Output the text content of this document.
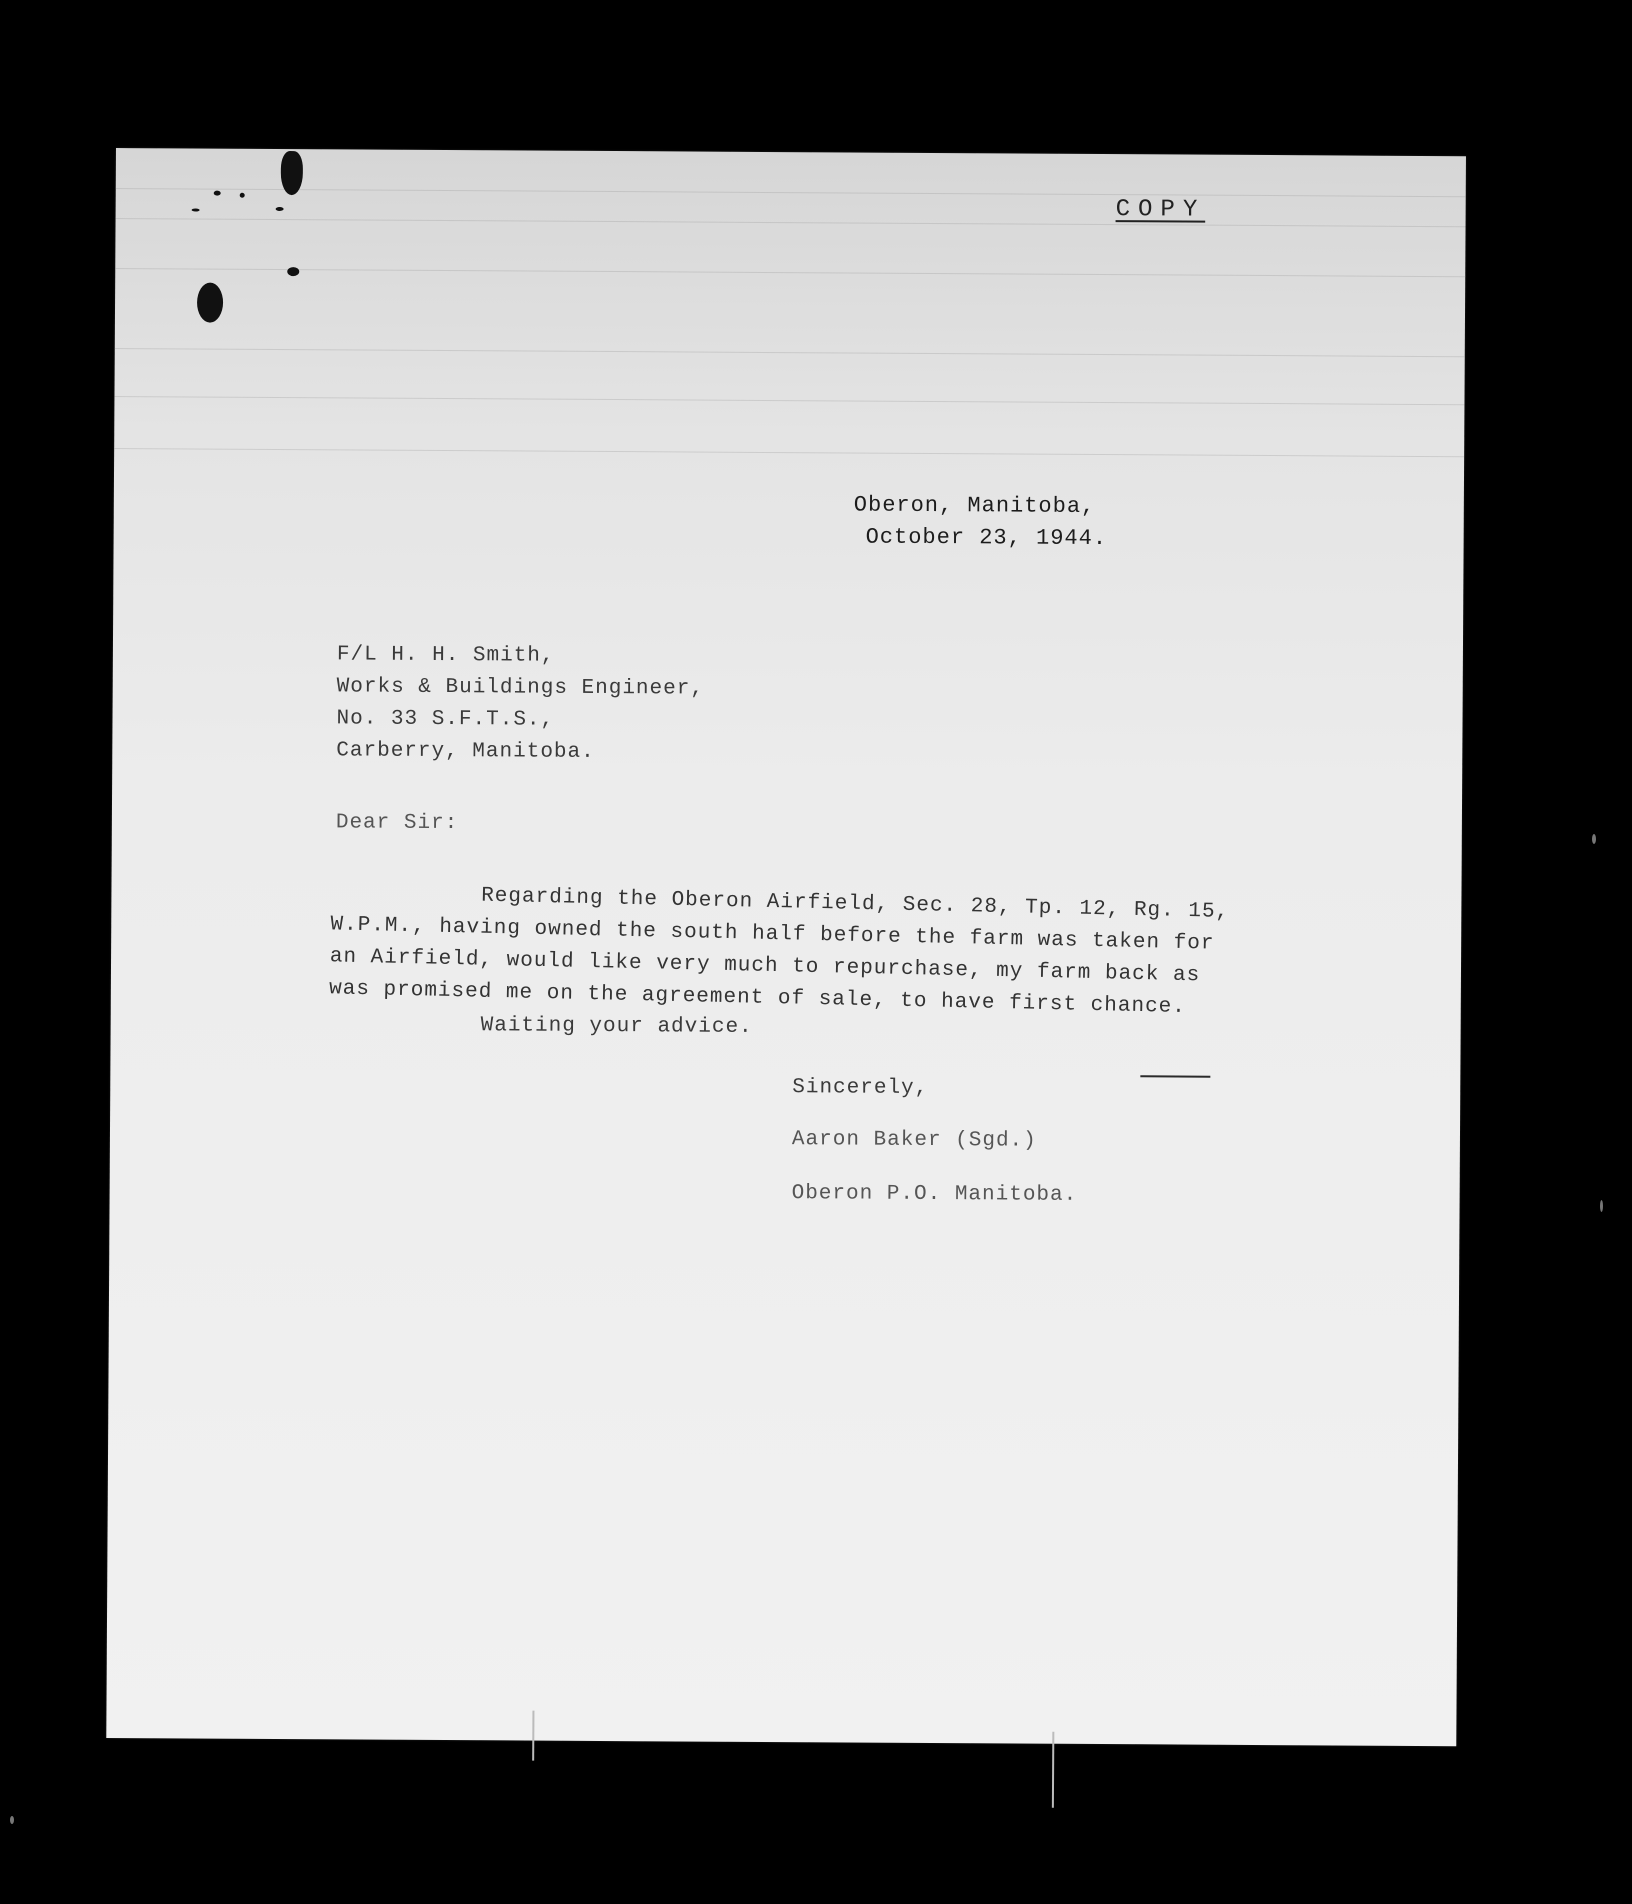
COPY
Oberon, Manitoba,
October 23, 1944.
F/L H. H. Smith,
Works & Buildings Engineer,
No. 33 S.F.T.S.,
Carberry, Manitoba.
Dear Sir:
Regarding the Oberon Airfield, Sec. 28, Tp. 12, Rg. 15, W.P.M., having owned the south half before the farm was taken for an Airfield, would like very much to repurchase, my farm back as was promised me on the agreement of sale, to have first chance.
Waiting your advice.
Sincerely,
Aaron Baker (Sgd.)
Oberon P.O. Manitoba.
